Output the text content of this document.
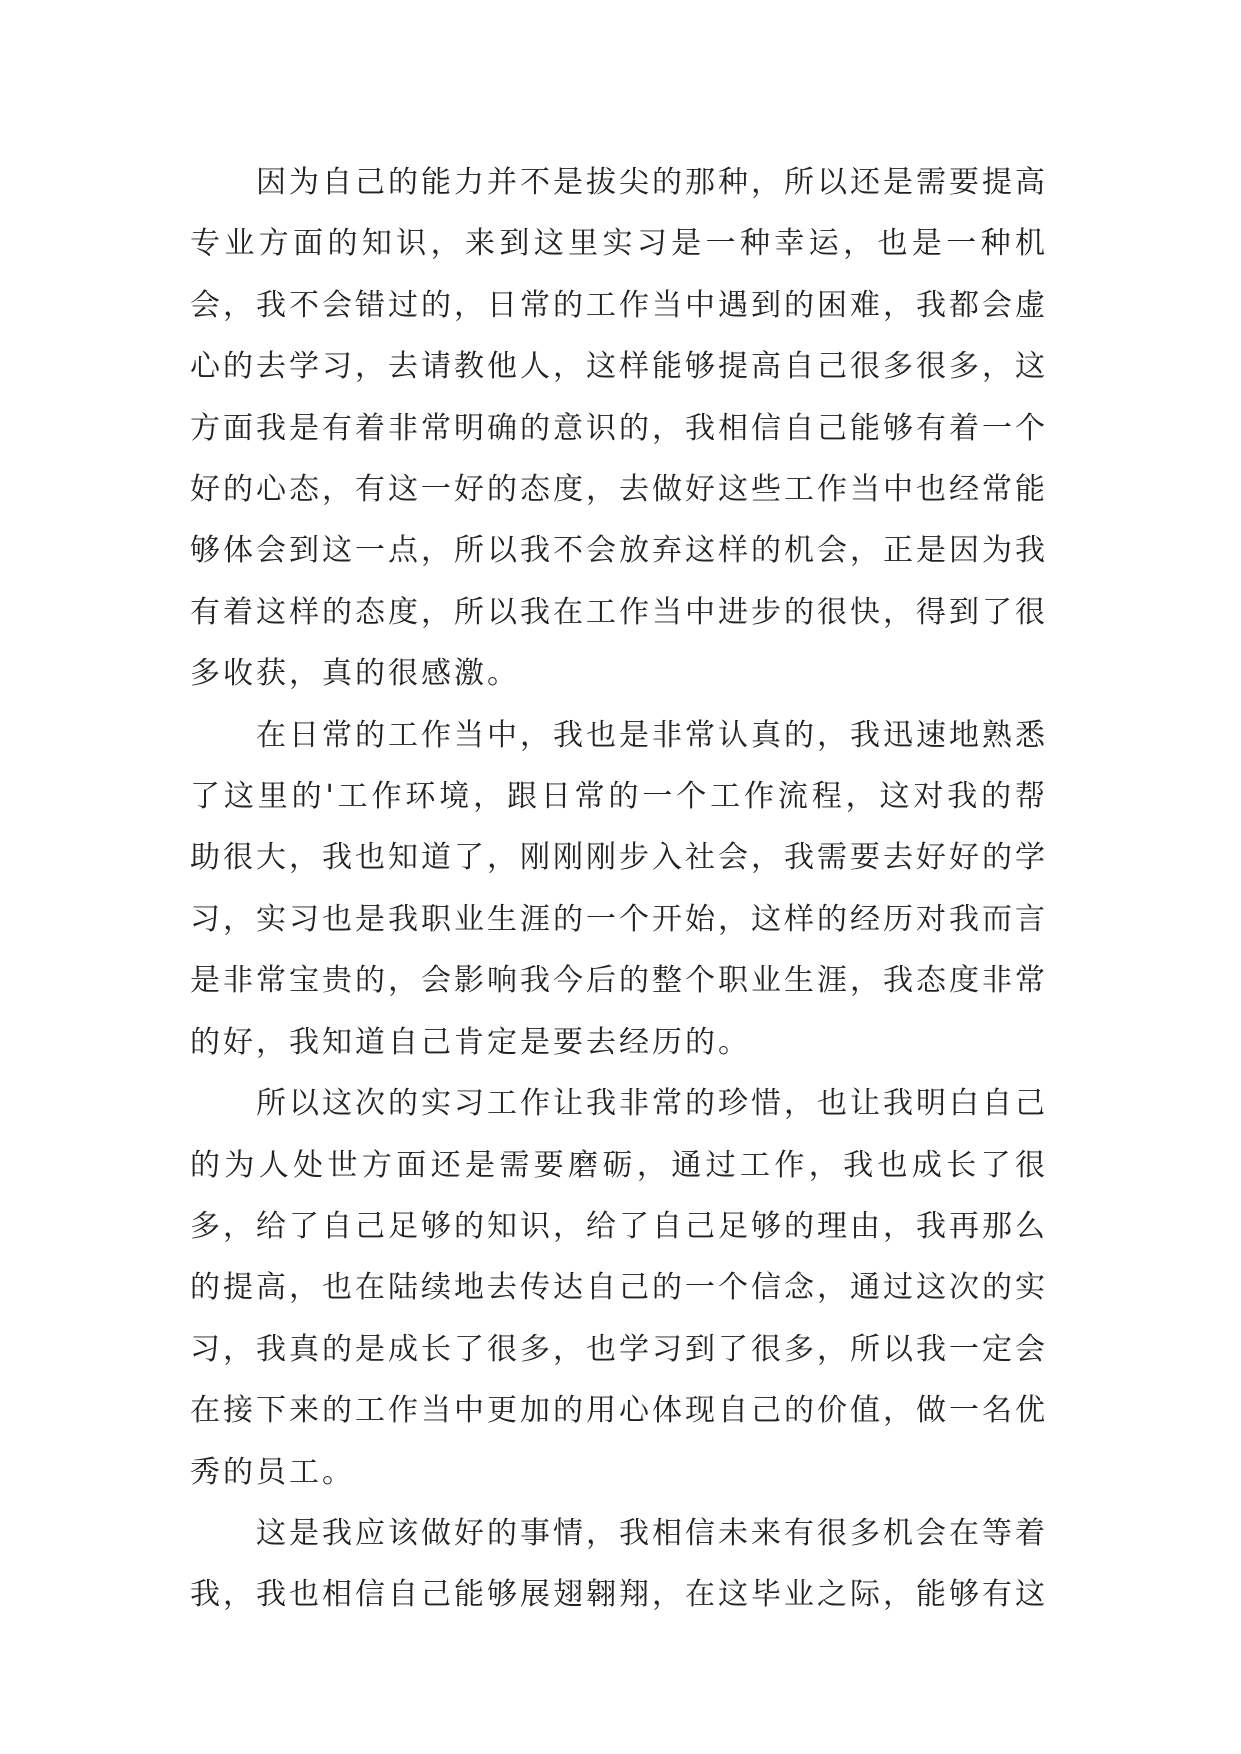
因为自己的能力并不是拔尖的那种，所以还是需要提高专业方面的知识，来到这里实习是一种幸运，也是一种机会，我不会错过的，日常的工作当中遇到的困难，我都会虚心的去学习，去请教他人，这样能够提高自己很多很多，这方面我是有着非常明确的意识的，我相信自己能够有着一个好的心态，有这一好的态度，去做好这些工作当中也经常能够体会到这一点，所以我不会放弃这样的机会，正是因为我有着这样的态度，所以我在工作当中进步的很快，得到了很多收获，真的很感激。

在日常的工作当中，我也是非常认真的，我迅速地熟悉了这里的'工作环境，跟日常的一个工作流程，这对我的帮助很大，我也知道了，刚刚刚步入社会，我需要去好好的学习，实习也是我职业生涯的一个开始，这样的经历对我而言是非常宝贵的，会影响我今后的整个职业生涯，我态度非常的好，我知道自己肯定是要去经历的。

所以这次的实习工作让我非常的珍惜，也让我明白自己的为人处世方面还是需要磨砺，通过工作，我也成长了很多，给了自己足够的知识，给了自己足够的理由，我再那么的提高，也在陆续地去传达自己的一个信念，通过这次的实习，我真的是成长了很多，也学习到了很多，所以我一定会在接下来的工作当中更加的用心体现自己的价值，做一名优秀的员工。

这是我应该做好的事情，我相信未来有很多机会在等着我，我也相信自己能够展翅翱翔，在这毕业之际，能够有这
